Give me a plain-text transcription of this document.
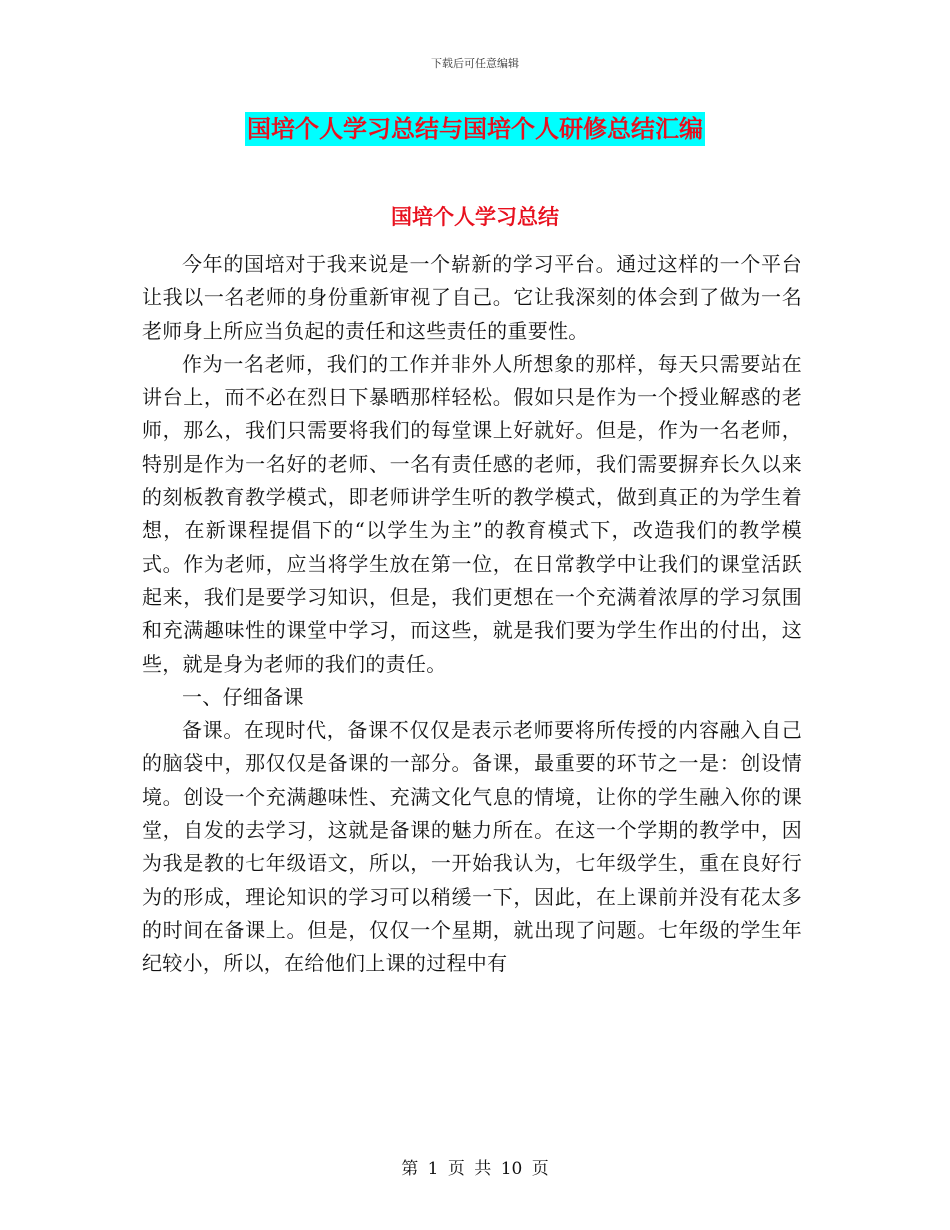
下载后可任意编辑
国培个人学习总结与国培个人研修总结汇编
国培个人学习总结

今年的国培对于我来说是一个崭新的学习平台。通过这样的一个平台让我以一名老师的身份重新审视了自己。它让我深刻的体会到了做为一名老师身上所应当负起的责任和这些责任的重要性。

作为一名老师，我们的工作并非外人所想象的那样，每天只需要站在讲台上，而不必在烈日下暴晒那样轻松。假如只是作为一个授业解惑的老师，那么，我们只需要将我们的每堂课上好就好。但是，作为一名老师，特别是作为一名好的老师、一名有责任感的老师，我们需要摒弃长久以来的刻板教育教学模式，即老师讲学生听的教学模式，做到真正的为学生着想，在新课程提倡下的“以学生为主”的教育模式下，改造我们的教学模式。作为老师，应当将学生放在第一位，在日常教学中让我们的课堂活跃起来，我们是要学习知识，但是，我们更想在一个充满着浓厚的学习氛围和充满趣味性的课堂中学习，而这些，就是我们要为学生作出的付出，这些，就是身为老师的我们的责任。

一、仔细备课

备课。在现时代，备课不仅仅是表示老师要将所传授的内容融入自己的脑袋中，那仅仅是备课的一部分。备课，最重要的环节之一是：创设情境。创设一个充满趣味性、充满文化气息的情境，让你的学生融入你的课堂，自发的去学习，这就是备课的魅力所在。在这一个学期的教学中，因为我是教的七年级语文，所以，一开始我认为，七年级学生，重在良好行为的形成，理论知识的学习可以稍缓一下，因此，在上课前并没有花太多的时间在备课上。但是，仅仅一个星期，就出现了问题。七年级的学生年纪较小，所以，在给他们上课的过程中有

第 1 页 共 10 页
